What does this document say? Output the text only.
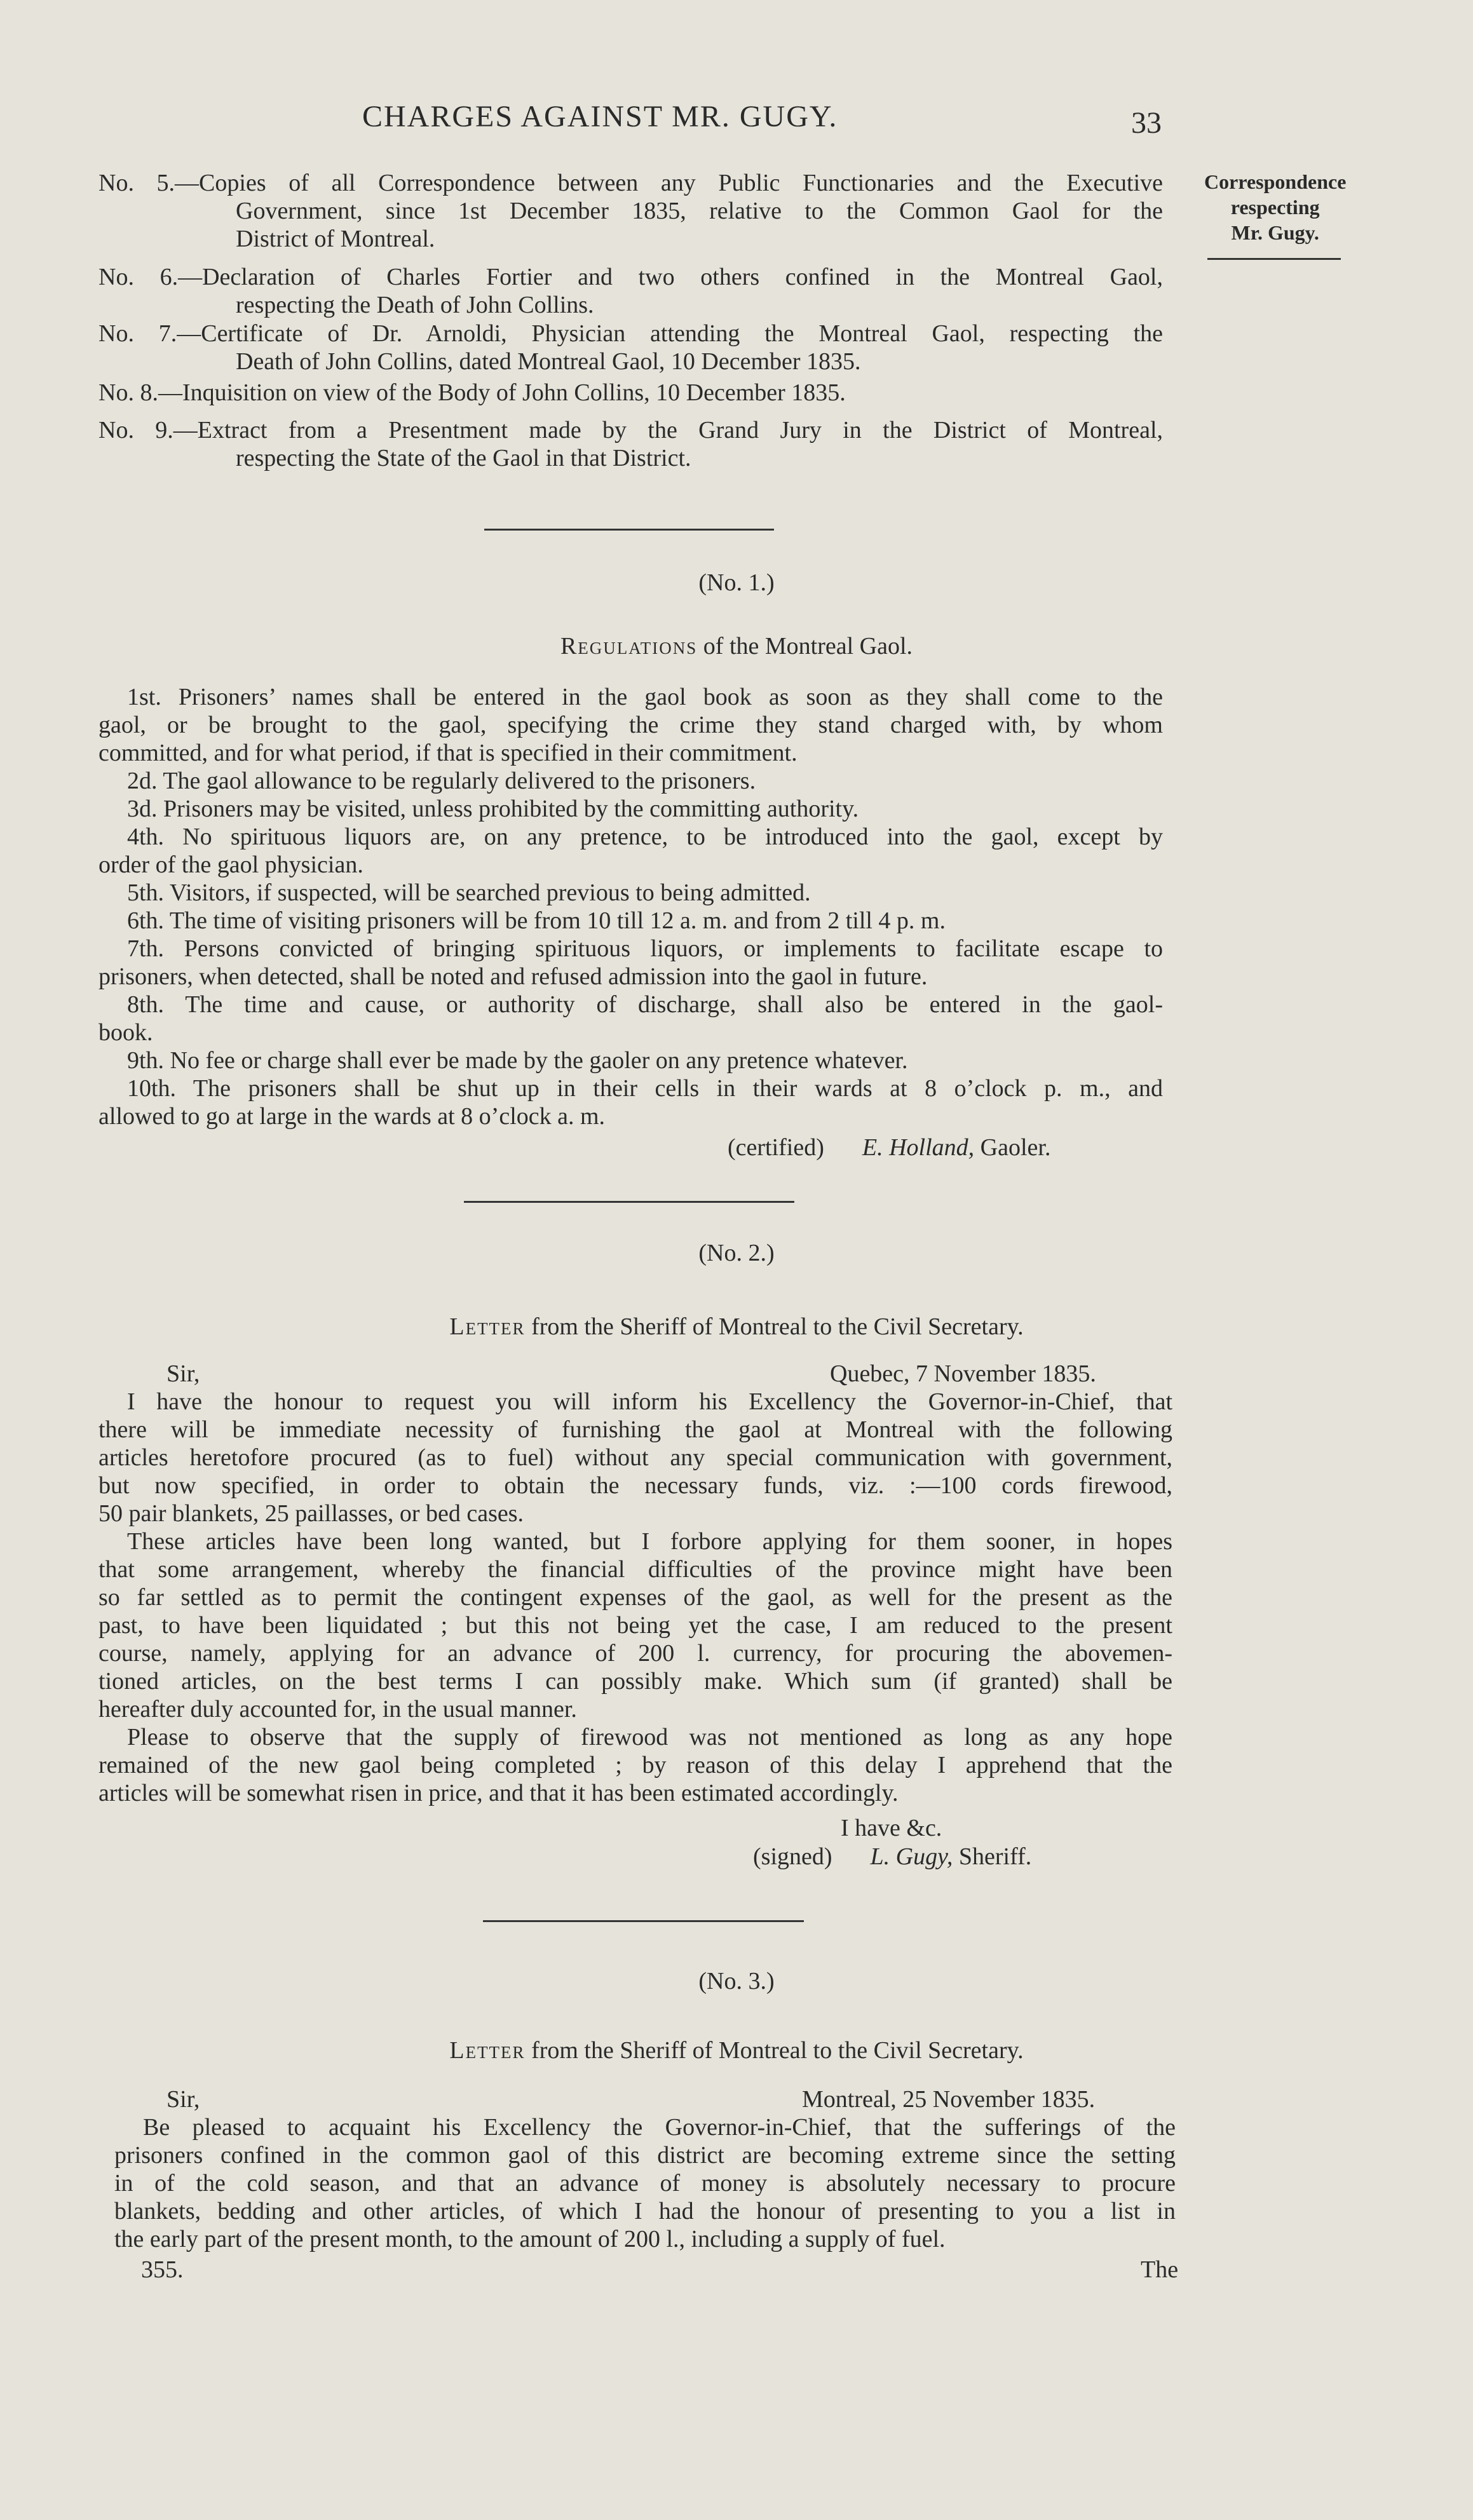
CHARGES AGAINST MR. GUGY.	33
Correspondence
respecting
Mr. Gugy.
No. 5.—Copies of all Correspondence between any Public Functionaries and the Executive
Government, since 1st December 1835, relative to the Common Gaol for the
District of Montreal.
No. 6.—Declaration of Charles Fortier and two others confined in the Montreal Gaol,
respecting the Death of John Collins.
No. 7.—Certificate of Dr. Arnoldi, Physician attending the Montreal Gaol, respecting the
Death of John Collins, dated Montreal Gaol, 10 December 1835.
No. 8.—Inquisition on view of the Body of John Collins, 10 December 1835.
No. 9.—Extract from a Presentment made by the Grand Jury in the District of Montreal,
respecting the State of the Gaol in that District.
(No. 1.)
Regulations of the Montreal Gaol.
1st. Prisoners’ names shall be entered in the gaol book as soon as they shall come to the
gaol, or be brought to the gaol, specifying the crime they stand charged with, by whom
committed, and for what period, if that is specified in their commitment.
2d. The gaol allowance to be regularly delivered to the prisoners.
3d. Prisoners may be visited, unless prohibited by the committing authority.
4th. No spirituous liquors are, on any pretence, to be introduced into the gaol, except by
order of the gaol physician.
5th. Visitors, if suspected, will be searched previous to being admitted.
6th. The time of visiting prisoners will be from 10 till 12 a. m. and from 2 till 4 p. m.
7th. Persons convicted of bringing spirituous liquors, or implements to facilitate escape to
prisoners, when detected, shall be noted and refused admission into the gaol in future.
8th. The time and cause, or authority of discharge, shall also be entered in the gaol-
book.
9th. No fee or charge shall ever be made by the gaoler on any pretence whatever.
10th. The prisoners shall be shut up in their cells in their wards at 8 o’clock p. m., and
allowed to go at large in the wards at 8 o’clock a. m.
(certified) E. Holland, Gaoler.
(No. 2.)
Letter from the Sheriff of Montreal to the Civil Secretary.
Sir,	Quebec, 7 November 1835.
I have the honour to request you will inform his Excellency the Governor-in-Chief, that
there will be immediate necessity of furnishing the gaol at Montreal with the following
articles heretofore procured (as to fuel) without any special communication with government,
but now specified, in order to obtain the necessary funds, viz. :—100 cords firewood,
50 pair blankets, 25 paillasses, or bed cases.
These articles have been long wanted, but I forbore applying for them sooner, in hopes
that some arrangement, whereby the financial difficulties of the province might have been
so far settled as to permit the contingent expenses of the gaol, as well for the present as the
past, to have been liquidated ; but this not being yet the case, I am reduced to the present
course, namely, applying for an advance of 200 l. currency, for procuring the abovemen-
tioned articles, on the best terms I can possibly make. Which sum (if granted) shall be
hereafter duly accounted for, in the usual manner.
Please to observe that the supply of firewood was not mentioned as long as any hope
remained of the new gaol being completed ; by reason of this delay I apprehend that the
articles will be somewhat risen in price, and that it has been estimated accordingly.
I have &c.
(signed) L. Gugy, Sheriff.
(No. 3.)
Letter from the Sheriff of Montreal to the Civil Secretary.
Sir,	Montreal, 25 November 1835.
Be pleased to acquaint his Excellency the Governor-in-Chief, that the sufferings of the
prisoners confined in the common gaol of this district are becoming extreme since the setting
in of the cold season, and that an advance of money is absolutely necessary to procure
blankets, bedding and other articles, of which I had the honour of presenting to you a list in
the early part of the present month, to the amount of 200 l., including a supply of fuel.
355.	The
